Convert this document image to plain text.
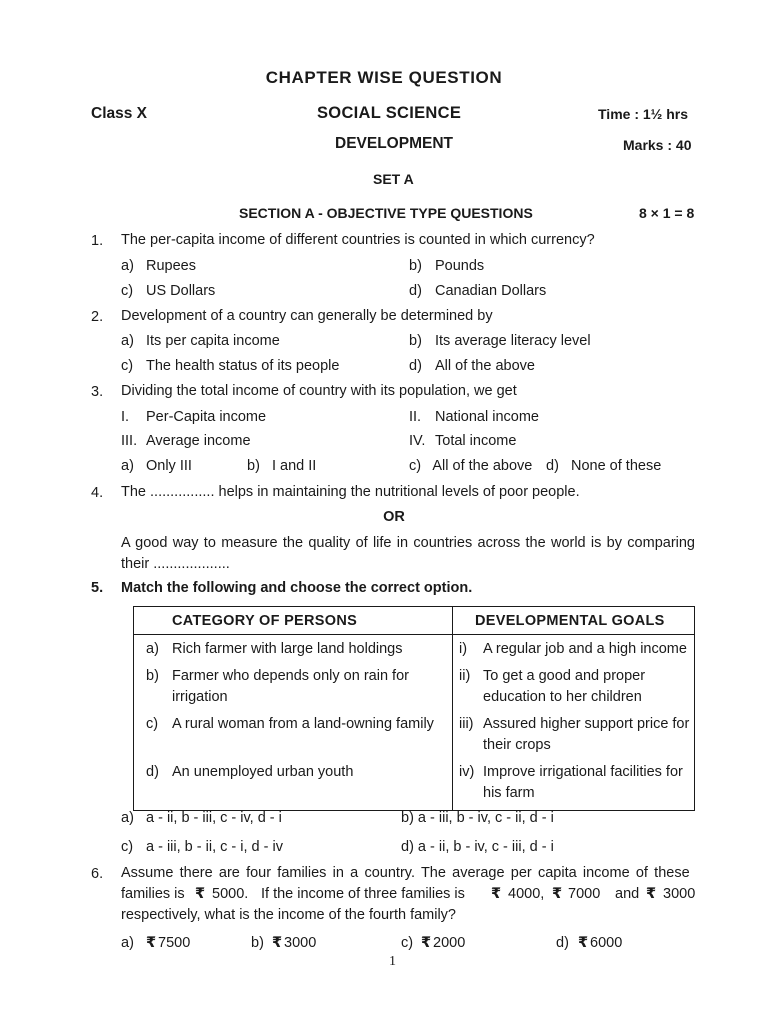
CHAPTER WISE QUESTION
Class X	SOCIAL SCIENCE	Time : 1½ hrs
DEVELOPMENT	Marks : 40
SET A
SECTION A - OBJECTIVE TYPE QUESTIONS	8 × 1 = 8
1. The per-capita income of different countries is counted in which currency?
a) Rupees	b) Pounds
c) US Dollars	d) Canadian Dollars
2. Development of a country can generally be determined by
a) Its per capita income	b) Its average literacy level
c) The health status of its people	d) All of the above
3. Dividing the total income of country with its population, we get
I. Per-Capita income	II. National income
III. Average income	IV. Total income
a)   Only III	b)   I and II	c)   All of the above d)   None of these
4. The ................ helps in maintaining the nutritional levels of poor people.
OR
A good way to measure the quality of life in countries across the world is by comparing their ...................
5. Match the following and choose the correct option.
CATEGORY OF PERSONS	DEVELOPMENTAL GOALS

a) Rich farmer with large land holdings	i) A regular job and a high income

b) Farmer who depends only on rain for irrigation	ii) To get a good and proper education to her children

c) A rural woman from a land-owning family	iii) Assured higher support price for their crops

d) An unemployed urban youth	iv) Improve irrigational facilities for his farm
a) a - ii, b - iii, c - iv, d - i	b) a - iii, b - iv, c - ii, d - i
c) a - iii, b - ii, c - i, d - iv	d) a - ii, b - iv, c - iii, d - i
6. Assume there are four families in a country. The average per capita income of these
families is ₹ 5000. If the income of three families is ₹ 4000, ₹ 7000 and ₹ 3000
respectively, what is the income of the fourth family?
a) ₹ 7500	b) ₹ 3000	c) ₹ 2000	d) ₹ 6000
1
